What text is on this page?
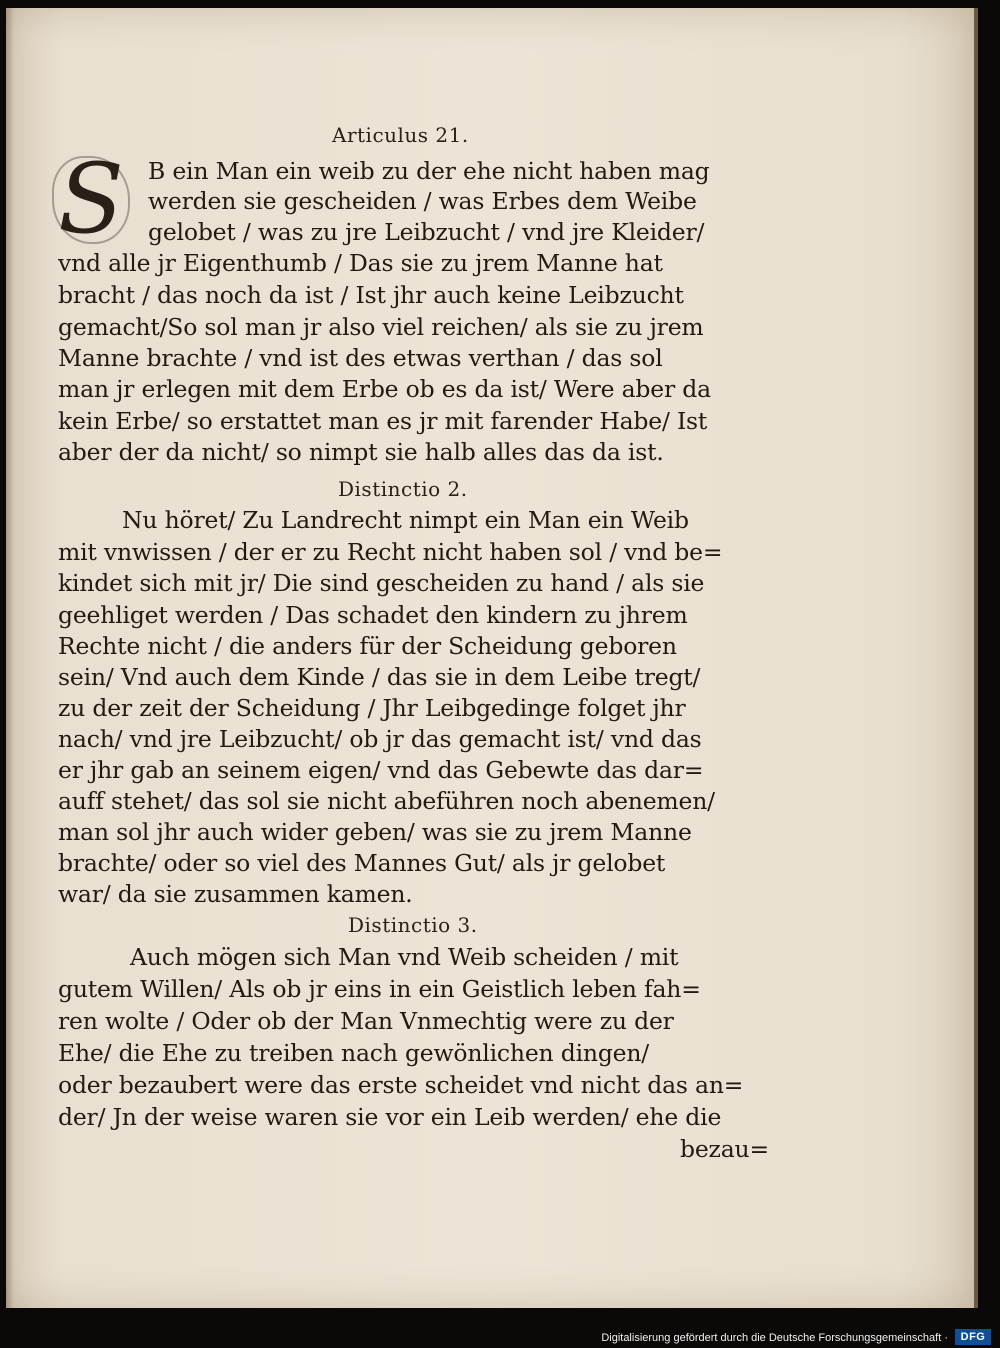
Articulus 21.
S	B ein Man ein weib zu der ehe nicht haben mag
werden sie gescheiden / was Erbes dem Weibe
gelobet / was zu jre Leibzucht / vnd jre Kleider/
vnd alle jr Eigenthumb / Das sie zu jrem Manne hat
bracht / das noch da ist / Ist jhr auch keine Leibzucht
gemacht/So sol man jr also viel reichen/ als sie zu jrem
Manne brachte / vnd ist des etwas verthan / das sol
man jr erlegen mit dem Erbe ob es da ist/ Were aber da
kein Erbe/ so erstattet man es jr mit farender Habe/ Ist
aber der da nicht/ so nimpt sie halb alles das da ist.
Distinctio 2.
Nu höret/ Zu Landrecht nimpt ein Man ein Weib
mit vnwissen / der er zu Recht nicht haben sol / vnd be=
kindet sich mit jr/ Die sind gescheiden zu hand / als sie
geehliget werden / Das schadet den kindern zu jhrem
Rechte nicht / die anders für der Scheidung geboren
sein/ Vnd auch dem Kinde / das sie in dem Leibe tregt/
zu der zeit der Scheidung / Jhr Leibgedinge folget jhr
nach/ vnd jre Leibzucht/ ob jr das gemacht ist/ vnd das
er jhr gab an seinem eigen/ vnd das Gebewte das dar=
auff stehet/ das sol sie nicht abeführen noch abenemen/
man sol jhr auch wider geben/ was sie zu jrem Manne
brachte/ oder so viel des Mannes Gut/ als jr gelobet
war/ da sie zusammen kamen.
Distinctio 3.
Auch mögen sich Man vnd Weib scheiden / mit
gutem Willen/ Als ob jr eins in ein Geistlich leben fah=
ren wolte / Oder ob der Man Vnmechtig were zu der
Ehe/ die Ehe zu treiben nach gewönlichen dingen/
oder bezaubert were das erste scheidet vnd nicht das an=
der/ Jn der weise waren sie vor ein Leib werden/ ehe die
bezau=
Digitalisierung gefördert durch die Deutsche Forschungsgemeinschaft ·	DFG
